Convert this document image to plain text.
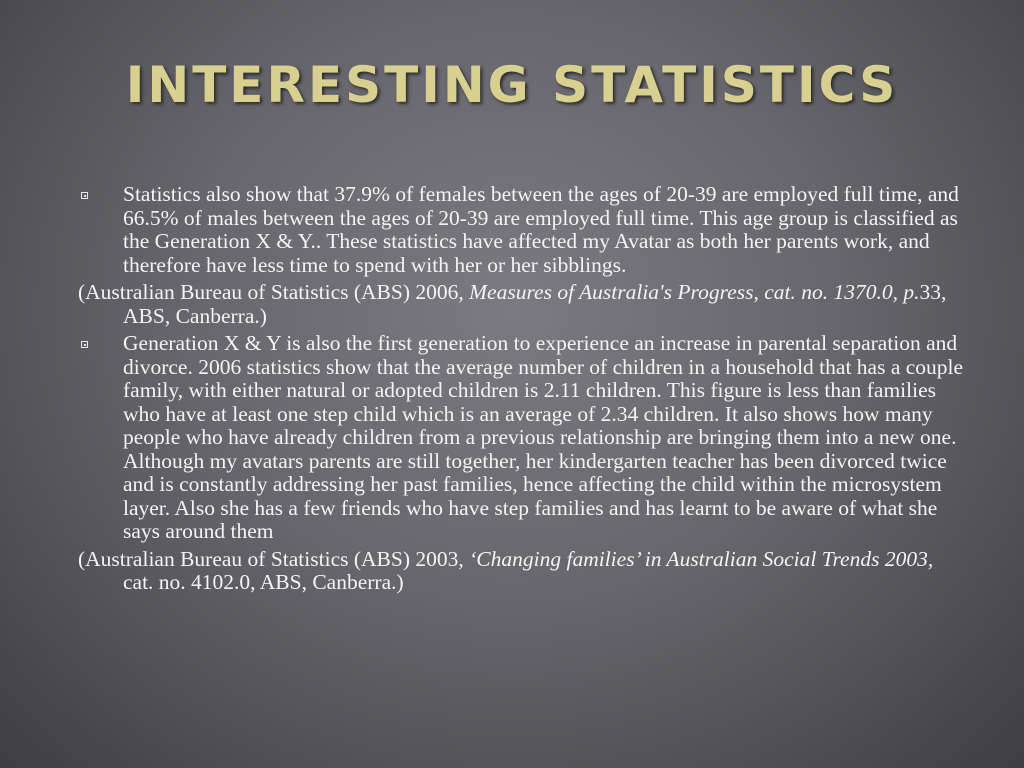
INTERESTING STATISTICS
Statistics also show that 37.9% of females between the ages of 20-39 are employed full time, and 66.5% of males between the ages of 20-39 are employed full time. This age group is classified as the Generation X & Y.. These statistics have affected my Avatar as both her parents work, and therefore have less time to spend with her or her sibblings.
(Australian Bureau of Statistics (ABS) 2006, Measures of Australia's Progress, cat. no. 1370.0, p.33, ABS, Canberra.)
Generation X & Y is also the first generation to experience an increase in parental separation and divorce. 2006 statistics show that the average number of children in a household that has a couple family, with either natural or adopted children is 2.11 children. This figure is less than families who have at least one step child which is an average of 2.34 children. It also shows how many people who have already children from a previous relationship are bringing them into a new one. Although my avatars parents are still together, her kindergarten teacher has been divorced twice and is constantly addressing her past families, hence affecting the child within the microsystem layer. Also she has a few friends who have step families and has learnt to be aware of what she says around them
(Australian Bureau of Statistics (ABS) 2003, ‘Changing families’ in Australian Social Trends 2003, cat. no. 4102.0, ABS, Canberra.)
